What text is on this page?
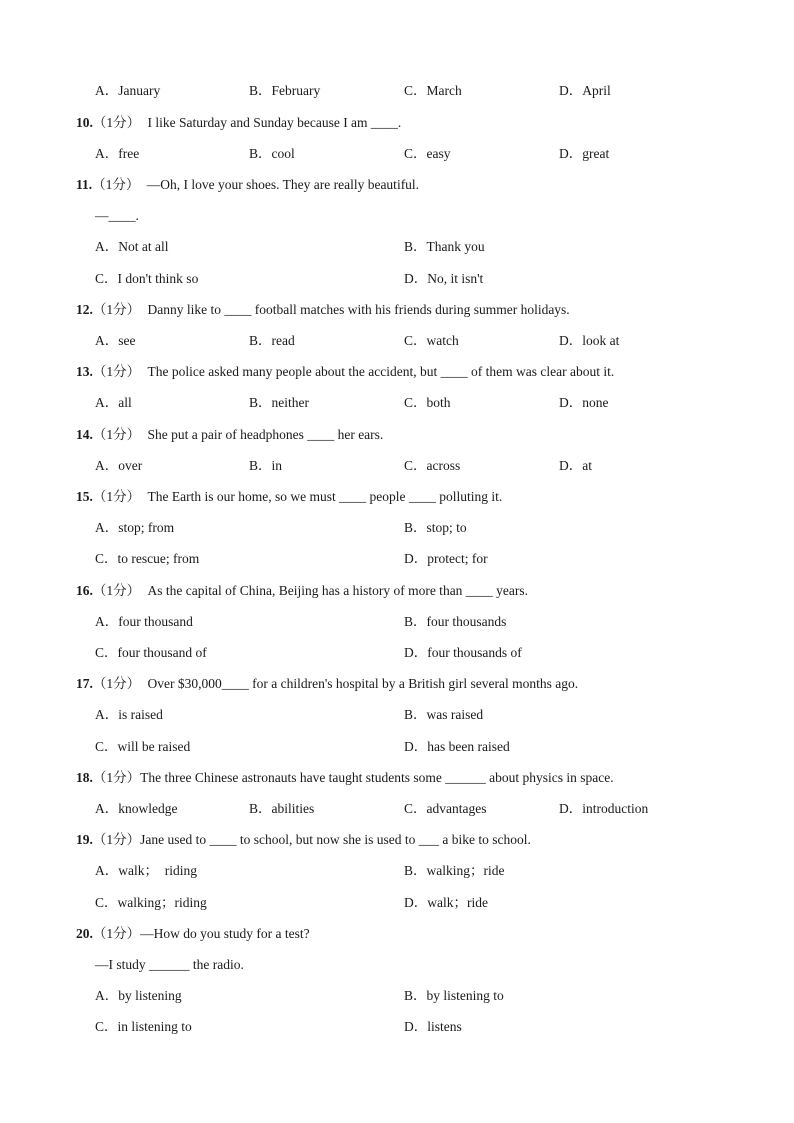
A．January	B．February	C．March	D．April
10.（1分） I like Saturday and Sunday because I am ____.
A．free	B．cool	C．easy	D．great
11.（1分） —Oh, I love your shoes. They are really beautiful.
—____.
A．Not at all	B．Thank you
C．I don't think so	D．No, it isn't
12.（1分） Danny like to ____ football matches with his friends during summer holidays.
A．see	B．read	C．watch	D．look at
13.（1分） The police asked many people about the accident, but ____ of them was clear about it.
A．all	B．neither	C．both	D．none
14.（1分） She put a pair of headphones ____ her ears.
A．over	B．in	C．across	D．at
15.（1分） The Earth is our home, so we must ____ people ____ polluting it.
A．stop; from	B．stop; to
C．to rescue; from	D．protect; for
16.（1分） As the capital of China, Beijing has a history of more than ____ years.
A．four thousand	B．four thousands
C．four thousand of	D．four thousands of
17.（1分） Over $30,000____ for a children's hospital by a British girl several months ago.
A．is raised	B．was raised
C．will be raised	D．has been raised
18.（1分）The three Chinese astronauts have taught students some ______ about physics in space.
A．knowledge	B．abilities	C．advantages	D．introduction
19.（1分）Jane used to ____ to school, but now she is used to ___ a bike to school.
A．walk；  riding	B．walking；ride
C．walking；riding	D．walk；ride
20.（1分）—How do you study for a test?
—I study ______ the radio.
A．by listening	B．by listening to
C．in listening to	D．listens
